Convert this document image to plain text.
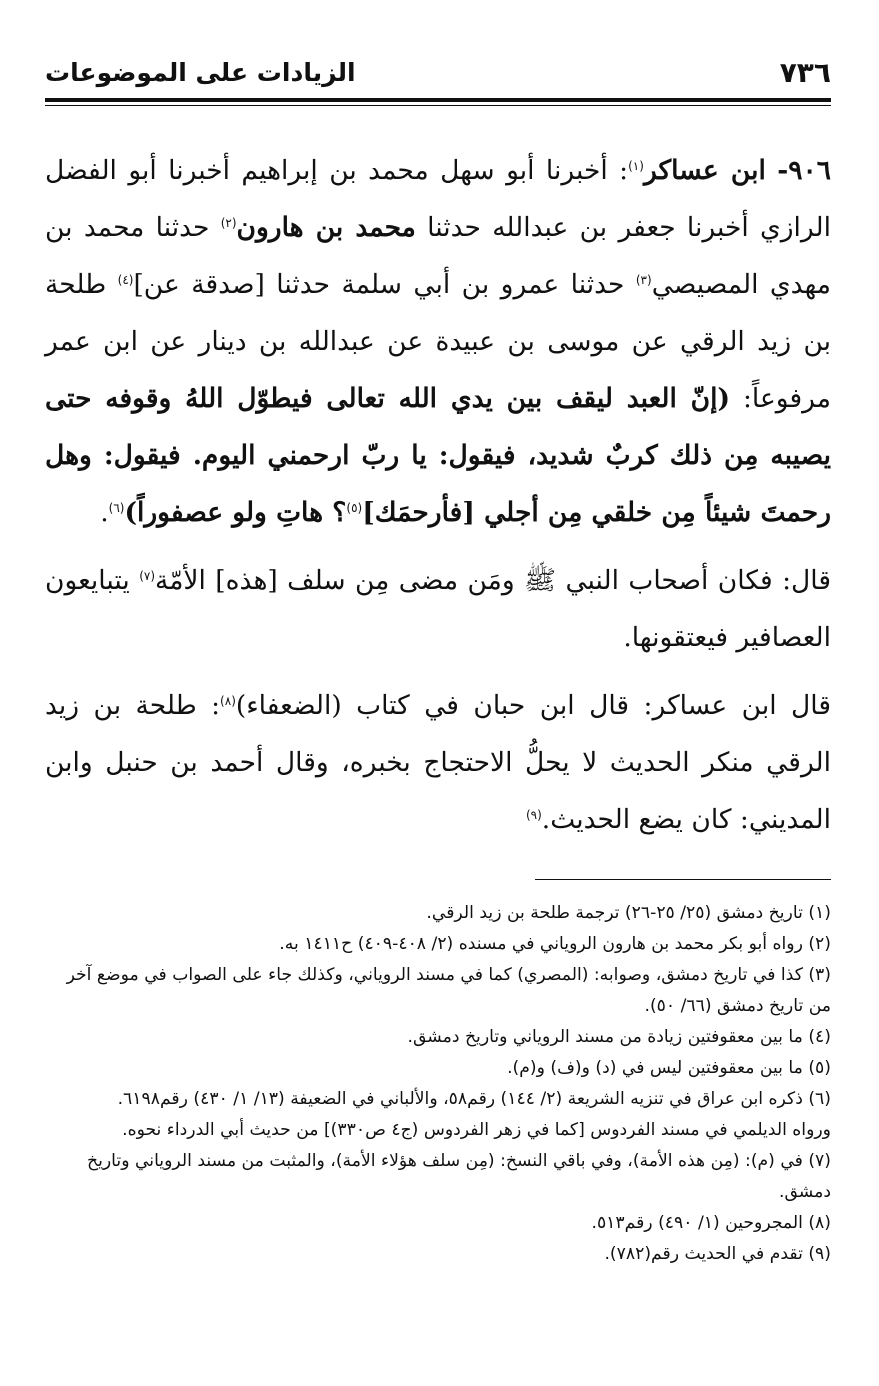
٧٣٦
الزيادات على الموضوعات

٩٠٦- ابن عساكر$^{(١)}$: أخبرنا أبو سهل محمد بن إبراهيم أخبرنا أبو الفضل الرازي أخبرنا جعفر بن عبدالله حدثنا محمد بن هارون$^{(٢)}$ حدثنا محمد بن مهدي المصيصي$^{(٣)}$ حدثنا عمرو بن أبي سلمة حدثنا [صدقة عن]$^{(٤)}$ طلحة بن زيد الرقي عن موسى بن عبيدة عن عبدالله بن دينار عن ابن عمر مرفوعاً: (إنّ العبد ليقف بين يدي الله تعالى فيطوّل اللهُ وقوفه حتى يصيبه مِن ذلك كربٌ شديد، فيقول: يا ربّ ارحمني اليوم. فيقول: وهل رحمتَ شيئاً مِن خلقي مِن أجلي [فأرحمَك]$^{(٥)}$؟ هاتِ ولو عصفوراً)$^{(٦)}$.

قال: فكان أصحاب النبي ﷺ ومَن مضى مِن سلف [هذه] الأمّة$^{(٧)}$ يتبايعون العصافير فيعتقونها.

قال ابن عساكر: قال ابن حبان في كتاب (الضعفاء)$^{(٨)}$: طلحة بن زيد الرقي منكر الحديث لا يحلُّ الاحتجاج بخبره، وقال أحمد بن حنبل وابن المديني: كان يضع الحديث.$^{(٩)}$

(١) تاريخ دمشق (٢٥/ ٢٥-٢٦) ترجمة طلحة بن زيد الرقي.

(٢) رواه أبو بكر محمد بن هارون الروياني في مسنده (٢/ ٤٠٨-٤٠٩) ح١٤١١ به.

(٣) كذا في تاريخ دمشق، وصوابه: (المصري) كما في مسند الروياني، وكذلك جاء على الصواب في موضع آخر من تاريخ دمشق (٦٦/ ٥٠).

(٤) ما بين معقوفتين زيادة من مسند الروياني وتاريخ دمشق.

(٥) ما بين معقوفتين ليس في (د) و(ف) و(م).

(٦) ذكره ابن عراق في تنزيه الشريعة (٢/ ١٤٤) رقم٥٨، والألباني في الضعيفة (١٣/ ١/ ٤٣٠) رقم٦١٩٨.

ورواه الديلمي في مسند الفردوس [كما في زهر الفردوس (ج٤ ص٣٣٠)] من حديث أبي الدرداء نحوه.

(٧) في (م): (مِن هذه الأمة)، وفي باقي النسخ: (مِن سلف هؤلاء الأمة)، والمثبت من مسند الروياني وتاريخ دمشق.

(٨) المجروحين (١/ ٤٩٠) رقم٥١٣.

(٩) تقدم في الحديث رقم(٧٨٢).
